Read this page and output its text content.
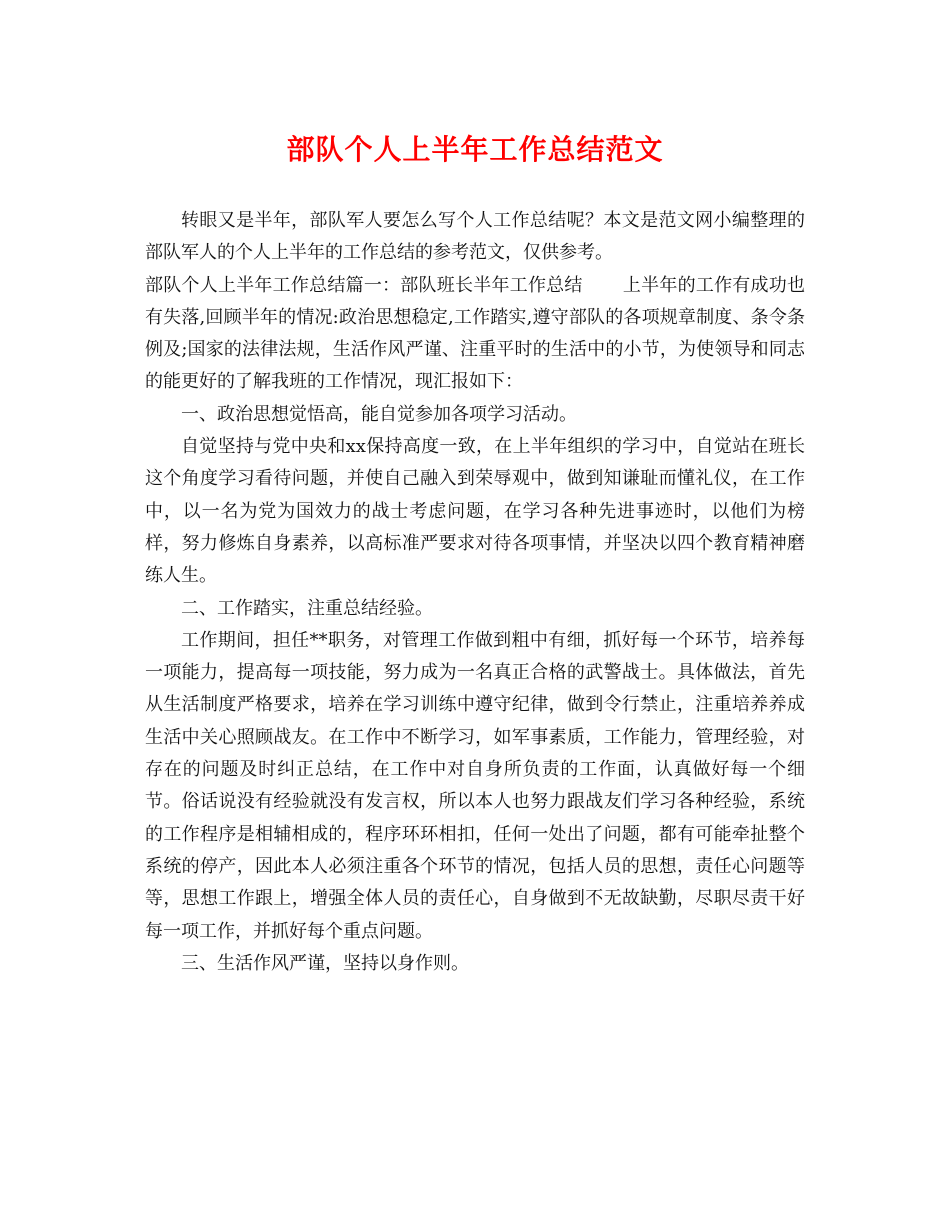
部队个人上半年工作总结范文

转眼又是半年，部队军人要怎么写个人工作总结呢？本文是范文网小编整理的部队军人的个人上半年的工作总结的参考范文，仅供参考。

部队个人上半年工作总结篇一：部队班长半年工作总结 上半年的工作有成功也有失落,回顾半年的情况:政治思想稳定,工作踏实,遵守部队的各项规章制度、条令条例及;国家的法律法规，生活作风严谨、注重平时的生活中的小节，为使领导和同志的能更好的了解我班的工作情况，现汇报如下：

一、政治思想觉悟高，能自觉参加各项学习活动。

自觉坚持与党中央和xx保持高度一致，在上半年组织的学习中，自觉站在班长这个角度学习看待问题，并使自己融入到荣辱观中，做到知谦耻而懂礼仪，在工作中，以一名为党为国效力的战士考虑问题，在学习各种先进事迹时，以他们为榜样，努力修炼自身素养，以高标准严要求对待各项事情，并坚决以四个教育精神磨练人生。

二、工作踏实，注重总结经验。

工作期间，担任**职务，对管理工作做到粗中有细，抓好每一个环节，培养每一项能力，提高每一项技能，努力成为一名真正合格的武警战士。具体做法，首先从生活制度严格要求，培养在学习训练中遵守纪律，做到令行禁止，注重培养养成生活中关心照顾战友。在工作中不断学习，如军事素质，工作能力，管理经验，对存在的问题及时纠正总结，在工作中对自身所负责的工作面，认真做好每一个细节。俗话说没有经验就没有发言权，所以本人也努力跟战友们学习各种经验，系统的工作程序是相辅相成的，程序环环相扣，任何一处出了问题，都有可能牵扯整个系统的停产，因此本人必须注重各个环节的情况，包括人员的思想，责任心问题等等，思想工作跟上，增强全体人员的责任心，自身做到不无故缺勤，尽职尽责干好每一项工作，并抓好每个重点问题。

三、生活作风严谨，坚持以身作则。
